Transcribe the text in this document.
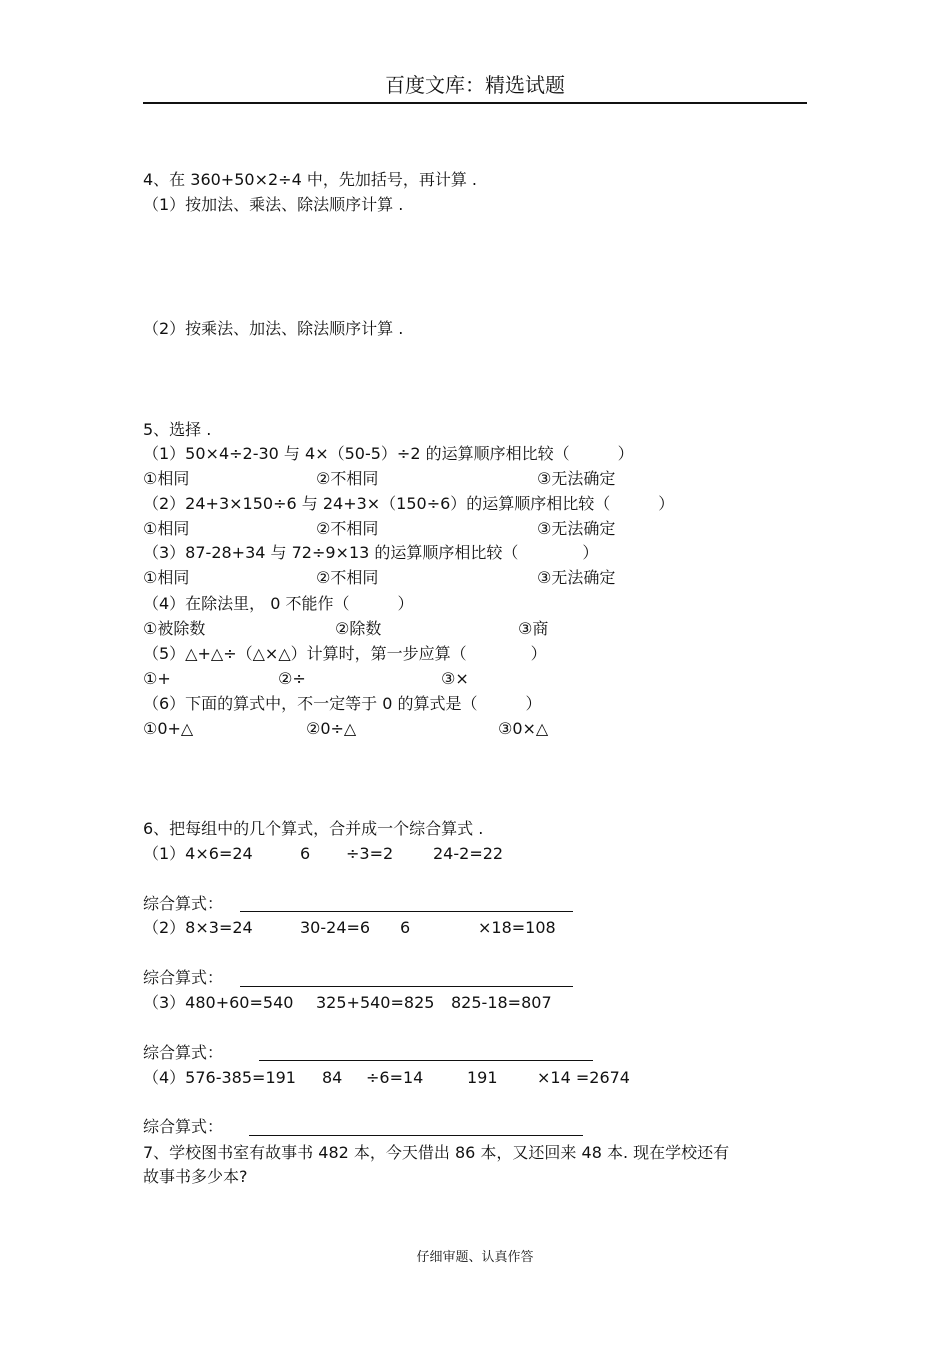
百度文库：精选试题
4、在 360+50×2÷4 中，先加括号，再计算 .
（1）按加法、乘法、除法顺序计算 .
（2）按乘法、加法、除法顺序计算 .
5、选择 .
（1）50×4÷2-30 与 4×（50-5）÷2 的运算顺序相比较（　　　）
①相同	②不相同	③无法确定
（2）24+3×150÷6 与 24+3×（150÷6）的运算顺序相比较（　　　）
①相同	②不相同	③无法确定
（3）87-28+34 与 72÷9×13 的运算顺序相比较（　　　　）
①相同	②不相同	③无法确定
（4）在除法里， 0 不能作（　　　）
①被除数	②除数	③商
（5）△+△÷（△×△）计算时，第一步应算（　　　　）
①+	②÷	③×
（6）下面的算式中，不一定等于 0 的算式是（　　　）
①0+△	②0÷△	③0×△
6、把每组中的几个算式，合并成一个综合算式 .
（1）4×6=24	6 ÷3=2 24-2=22
综合算式：
（2）8×3=24	30-24=6 6	×18=108
综合算式：
（3）480+60=540 325+540=825 825-18=807
综合算式：
（4）576-385=191 84 ÷6=14	191 ×14 =2674
综合算式：
7、学校图书室有故事书 482 本，今天借出 86 本，又还回来 48 本. 现在学校还有
故事书多少本?
仔细审题、认真作答
